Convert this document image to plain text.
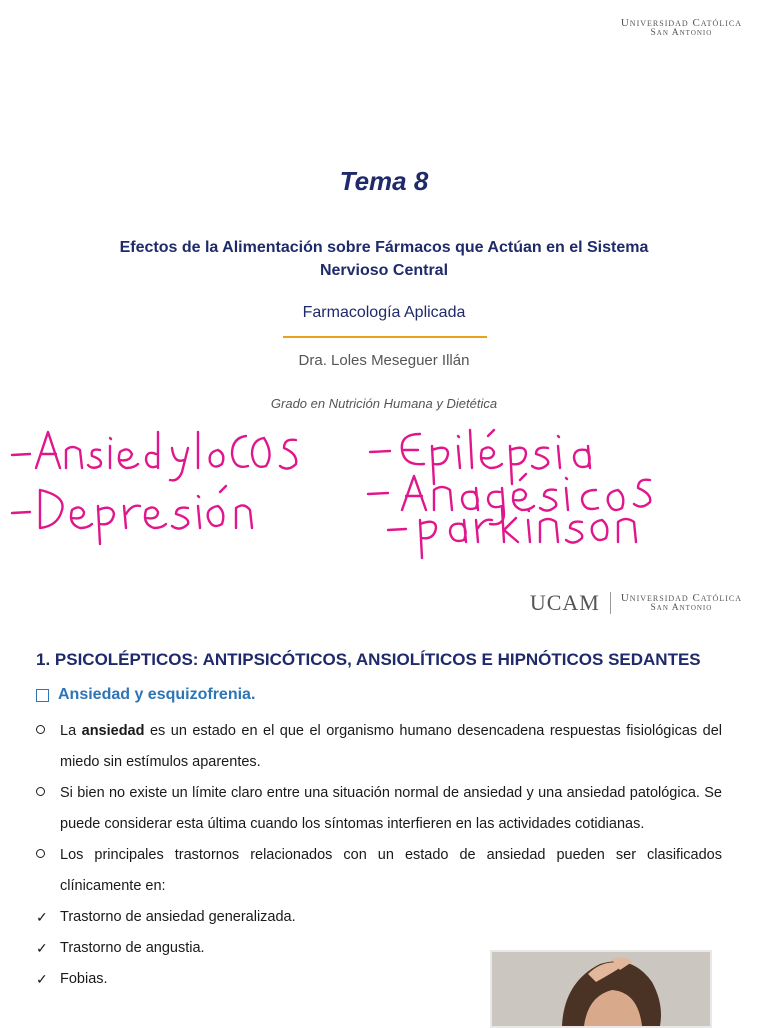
Universidad Católica
San Antonio
Tema 8
Efectos de la Alimentación sobre Fármacos que Actúan en el Sistema Nervioso Central
Farmacología Aplicada
Dra. Loles Meseguer Illán
Grado en Nutrición Humana y Dietética
UCAM Universidad Católica
San Antonio
1. PSICOLÉPTICOS: ANTIPSICÓTICOS, ANSIOLÍTICOS E HIPNÓTICOS SEDANTES
Ansiedad y esquizofrenia.
La ansiedad es un estado en el que el organismo humano desencadena respuestas fisiológicas del miedo sin estímulos aparentes.
Si bien no existe un límite claro entre una situación normal de ansiedad y una ansiedad patológica. Se puede considerar esta última cuando los síntomas interfieren en las actividades cotidianas.
Los principales trastornos relacionados con un estado de ansiedad pueden ser clasificados clínicamente en:
✓ Trastorno de ansiedad generalizada.
✓ Trastorno de angustia.
✓ Fobias.
